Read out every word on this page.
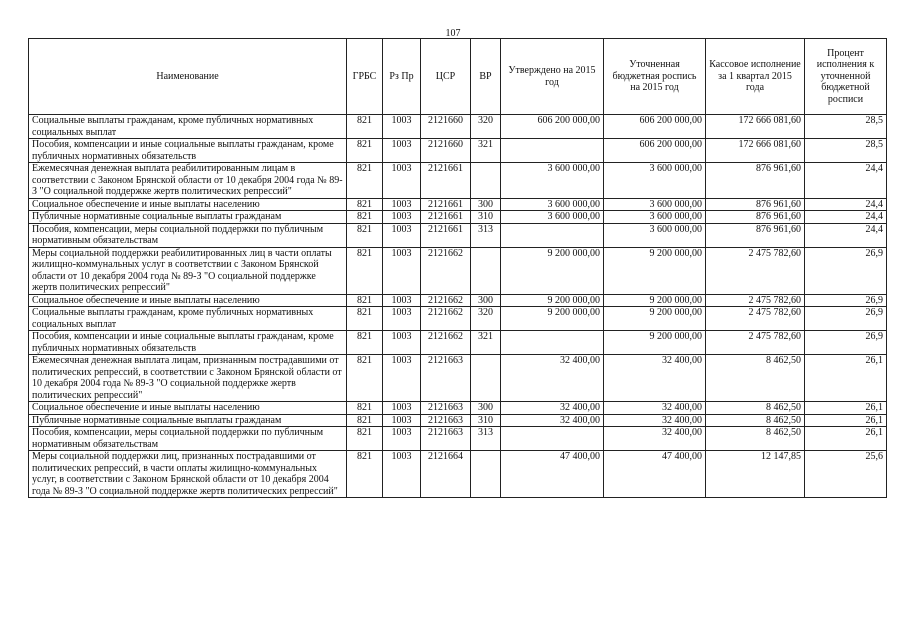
107
Наименование	ГРБС	Рз Пр	ЦСР	ВР	Утверждено на 2015 год	Уточненная бюджетная роспись на 2015 год	Кассовое исполнение за 1 квартал 2015 года	Процент исполнения к уточненной бюджетной росписи
Социальные выплаты гражданам, кроме публичных нормативных социальных выплат	821	1003	2121660	320	606 200 000,00	606 200 000,00	172 666 081,60	28,5
Пособия, компенсации и иные социальные выплаты гражданам, кроме публичных нормативных обязательств	821	1003	2121660	321		606 200 000,00	172 666 081,60	28,5
Ежемесячная денежная выплата реабилитированным лицам в соответствии с Законом Брянской области от 10 декабря 2004 года № 89-З "О социальной поддержке жертв политических репрессий"	821	1003	2121661		3 600 000,00	3 600 000,00	876 961,60	24,4
Социальное обеспечение и иные выплаты населению	821	1003	2121661	300	3 600 000,00	3 600 000,00	876 961,60	24,4
Публичные нормативные социальные выплаты гражданам	821	1003	2121661	310	3 600 000,00	3 600 000,00	876 961,60	24,4
Пособия, компенсации, меры социальной поддержки по публичным нормативным обязательствам	821	1003	2121661	313		3 600 000,00	876 961,60	24,4
Меры социальной поддержки реабилитированных лиц в части оплаты жилищно-коммунальных услуг в соответствии с Законом Брянской области от 10 декабря 2004 года № 89-З "О социальной поддержке жертв политических репрессий"	821	1003	2121662		9 200 000,00	9 200 000,00	2 475 782,60	26,9
Социальное обеспечение и иные выплаты населению	821	1003	2121662	300	9 200 000,00	9 200 000,00	2 475 782,60	26,9
Социальные выплаты гражданам, кроме публичных нормативных социальных выплат	821	1003	2121662	320	9 200 000,00	9 200 000,00	2 475 782,60	26,9
Пособия, компенсации и иные социальные выплаты гражданам, кроме публичных нормативных обязательств	821	1003	2121662	321		9 200 000,00	2 475 782,60	26,9
Ежемесячная денежная выплата лицам, признанным пострадавшими от политических репрессий, в соответствии с Законом Брянской области от 10 декабря 2004 года № 89-З "О социальной поддержке жертв политических репрессий"	821	1003	2121663		32 400,00	32 400,00	8 462,50	26,1
Социальное обеспечение и иные выплаты населению	821	1003	2121663	300	32 400,00	32 400,00	8 462,50	26,1
Публичные нормативные социальные выплаты гражданам	821	1003	2121663	310	32 400,00	32 400,00	8 462,50	26,1
Пособия, компенсации, меры социальной поддержки по публичным нормативным обязательствам	821	1003	2121663	313		32 400,00	8 462,50	26,1
Меры социальной поддержки лиц, признанных пострадавшими от политических репрессий, в части оплаты жилищно-коммунальных услуг, в соответствии с Законом Брянской области от 10 декабря 2004 года № 89-З "О социальной поддержке жертв политических репрессий"	821	1003	2121664		47 400,00	47 400,00	12 147,85	25,6
